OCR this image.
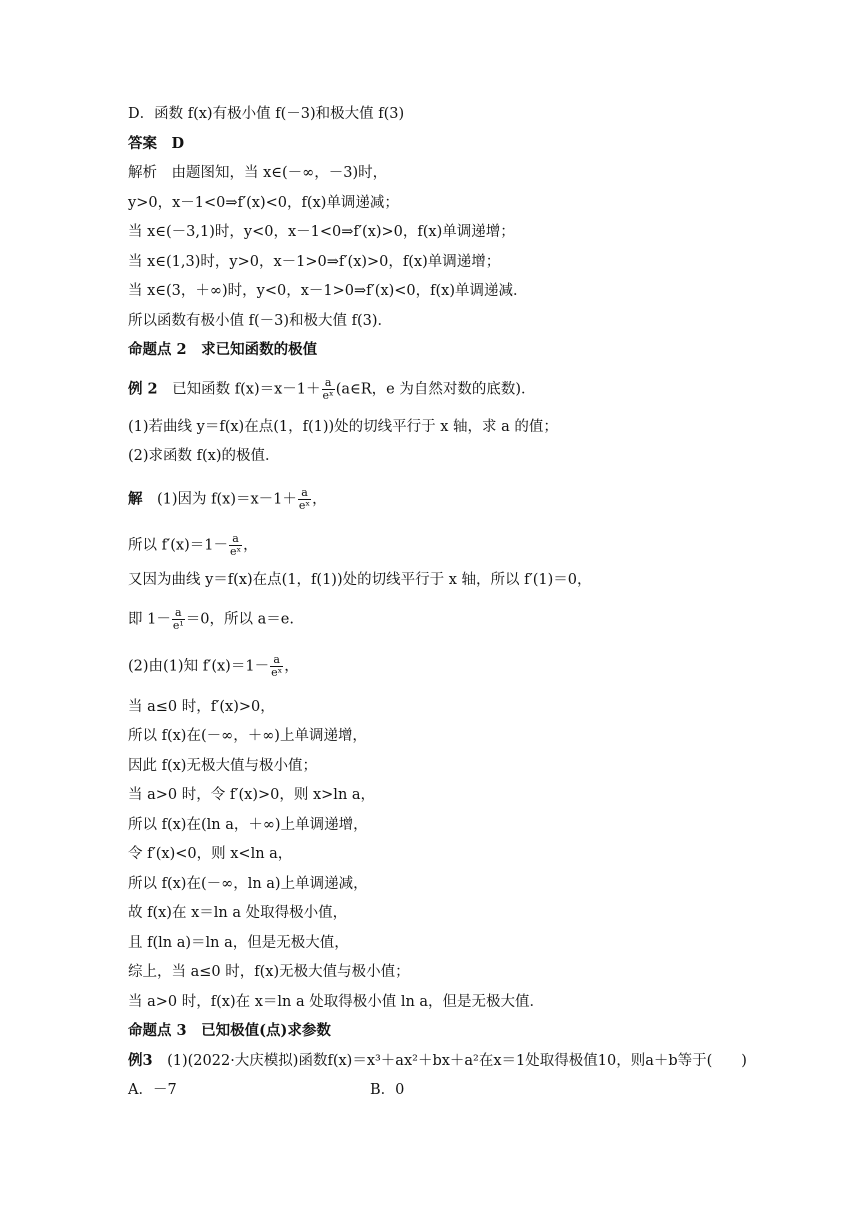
D．函数 f(x)有极小值 f(－3)和极大值 f(3)
答案　D
解析　由题图知，当 x∈(－∞，－3)时，
y>0，x－1<0⇒f′(x)<0，f(x)单调递减；
当 x∈(－3,1)时，y<0，x－1<0⇒f′(x)>0，f(x)单调递增；
当 x∈(1,3)时，y>0，x－1>0⇒f′(x)>0，f(x)单调递增；
当 x∈(3，＋∞)时，y<0，x－1>0⇒f′(x)<0，f(x)单调递减．
所以函数有极小值 f(－3)和极大值 f(3)．
命题点 2　求已知函数的极值
例 2　已知函数 $f(x)=x-1+ \frac{a}{\text{eˣ}}$ (a∈R，e 为自然对数的底数)．
(1)若曲线 y＝f(x)在点(1，f(1))处的切线平行于 x 轴，求 a 的值；
(2)求函数 f(x)的极值．
解　(1)因为 $f(x)=x-1+ \frac{a}{\text{eˣ}}$ ，
所以 $f'(x)=1- \frac{a}{\text{eˣ}}$ ，
又因为曲线 y＝f(x)在点(1，f(1))处的切线平行于 x 轴，所以 f′(1)＝0，
即 $1- \frac{a}{\text{e¹}} =0$，所以 a＝e.
(2)由(1)知 $f'(x)=1- \frac{a}{\text{eˣ}}$ ，
当 a≤0 时，f′(x)>0，
所以 f(x)在(－∞，＋∞)上单调递增，
因此 f(x)无极大值与极小值；
当 a>0 时，令 f′(x)>0，则 x>ln a，
所以 f(x)在(ln a，＋∞)上单调递增，
令 f′(x)<0，则 x<ln a，
所以 f(x)在(－∞，ln a)上单调递减，
故 f(x)在 x＝ln a 处取得极小值，
且 f(ln a)＝ln a，但是无极大值，
综上，当 a≤0 时，f(x)无极大值与极小值；
当 a>0 时，f(x)在 x＝ln a 处取得极小值 ln a，但是无极大值．
命题点 3　已知极值(点)求参数
例3　(1)(2022·大庆模拟)函数f(x)＝x³＋ax²＋bx＋a²在x＝1处取得极值10，则a＋b等于(　　)
A．－7	B．0
